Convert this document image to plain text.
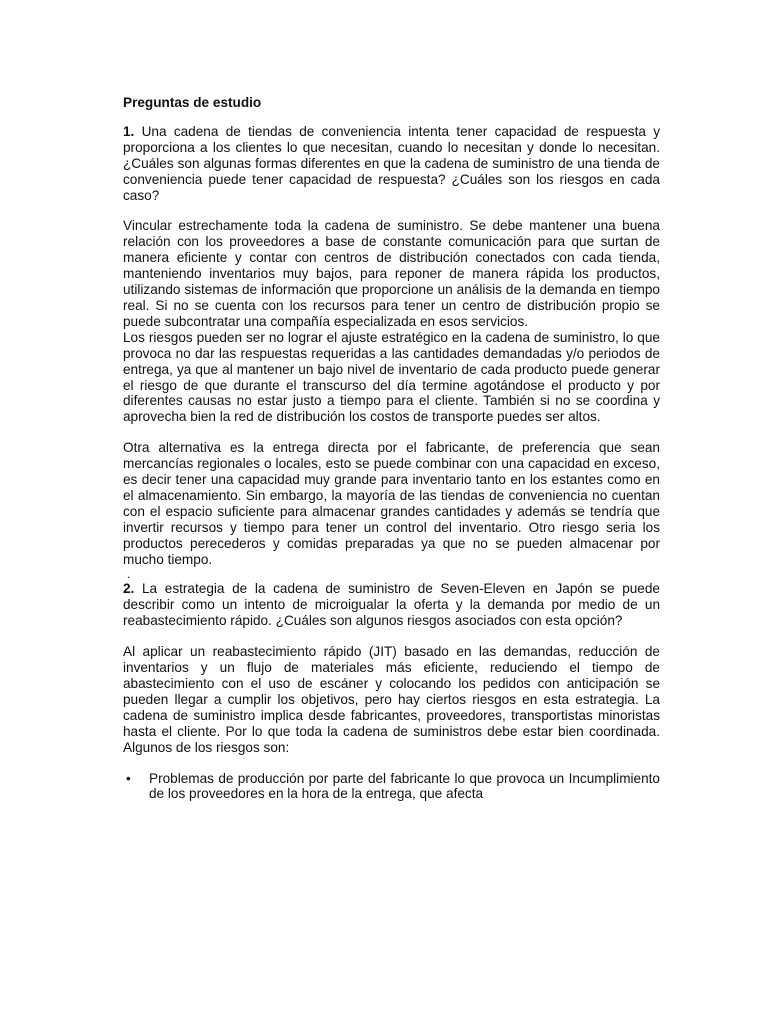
Preguntas de estudio

1. Una cadena de tiendas de conveniencia intenta tener capacidad de respuesta y proporciona a los clientes lo que necesitan, cuando lo necesitan y donde lo necesitan. ¿Cuáles son algunas formas diferentes en que la cadena de suministro de una tienda de conveniencia puede tener capacidad de respuesta? ¿Cuáles son los riesgos en cada caso?

Vincular estrechamente toda la cadena de suministro. Se debe mantener una buena relación con los proveedores a base de constante comunicación para que surtan de manera eficiente y contar con centros de distribución conectados con cada tienda, manteniendo inventarios muy bajos, para reponer de manera rápida los productos, utilizando sistemas de información que proporcione un análisis de la demanda en tiempo real. Si no se cuenta con los recursos para tener un centro de distribución propio se puede subcontratar una compañía especializada en esos servicios.

Los riesgos pueden ser no lograr el ajuste estratégico en la cadena de suministro, lo que provoca no dar las respuestas requeridas a las cantidades demandadas y/o periodos de entrega, ya que al mantener un bajo nivel de inventario de cada producto puede generar el riesgo de que durante el transcurso del día termine agotándose el producto y por diferentes causas no estar justo a tiempo para el cliente. También si no se coordina y aprovecha bien la red de distribución los costos de transporte puedes ser altos.

Otra alternativa es la entrega directa por el fabricante, de preferencia que sean mercancías regionales o locales, esto se puede combinar con una capacidad en exceso, es decir tener una capacidad muy grande para inventario tanto en los estantes como en el almacenamiento. Sin embargo, la mayoría de las tiendas de conveniencia no cuentan con el espacio suficiente para almacenar grandes cantidades y además se tendría que invertir recursos y tiempo para tener un control del inventario. Otro riesgo seria los productos perecederos y comidas preparadas ya que no se pueden almacenar por mucho tiempo.

.

2. La estrategia de la cadena de suministro de Seven-Eleven en Japón se puede describir como un intento de microigualar la oferta y la demanda por medio de un reabastecimiento rápido. ¿Cuáles son algunos riesgos asociados con esta opción?

Al aplicar un reabastecimiento rápido (JIT) basado en las demandas, reducción de inventarios y un flujo de materiales más eficiente, reduciendo el tiempo de abastecimiento con el uso de escáner y colocando los pedidos con anticipación se pueden llegar a cumplir los objetivos, pero hay ciertos riesgos en esta estrategia. La cadena de suministro implica desde fabricantes, proveedores, transportistas minoristas hasta el cliente. Por lo que toda la cadena de suministros debe estar bien coordinada. Algunos de los riesgos son:

• Problemas de producción por parte del fabricante lo que provoca un Incumplimiento de los proveedores en la hora de la entrega, que afecta
